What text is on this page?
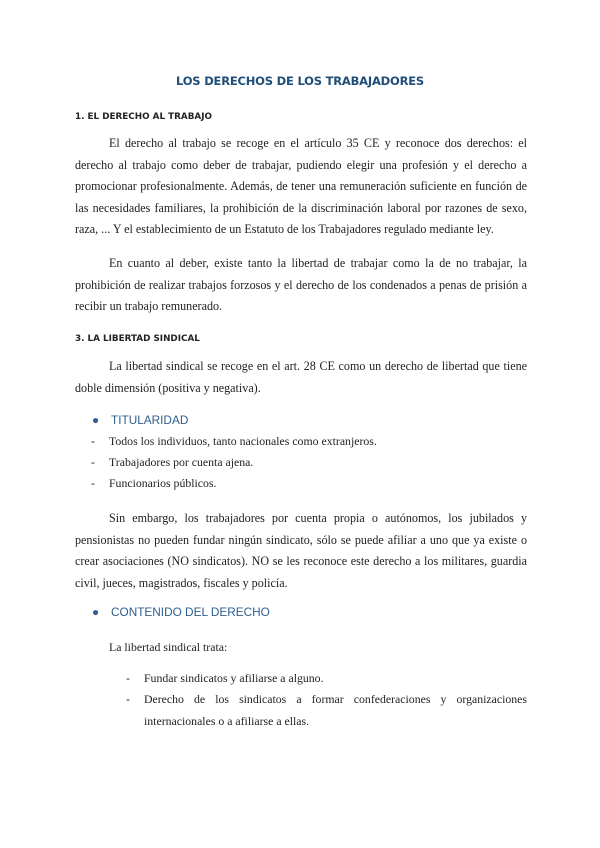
LOS DERECHOS DE LOS TRABAJADORES
1. EL DERECHO AL TRABAJO

El derecho al trabajo se recoge en el artículo 35 CE y reconoce dos derechos: el derecho al trabajo como deber de trabajar, pudiendo elegir una profesión y el derecho a promocionar profesionalmente. Además, de tener una remuneración suficiente en función de las necesidades familiares, la prohibición de la discriminación laboral por razones de sexo, raza, ... Y el establecimiento de un Estatuto de los Trabajadores regulado mediante ley.

En cuanto al deber, existe tanto la libertad de trabajar como la de no trabajar, la prohibición de realizar trabajos forzosos y el derecho de los condenados a penas de prisión a recibir un trabajo remunerado.

3. LA LIBERTAD SINDICAL

La libertad sindical se recoge en el art. 28 CE como un derecho de libertad que tiene doble dimensión (positiva y negativa).

● TITULARIDAD
- Todos los individuos, tanto nacionales como extranjeros.
- Trabajadores por cuenta ajena.
- Funcionarios públicos.

Sin embargo, los trabajadores por cuenta propia o autónomos, los jubilados y pensionistas no pueden fundar ningún sindicato, sólo se puede afiliar a uno que ya existe o crear asociaciones (NO sindicatos). NO se les reconoce este derecho a los militares, guardia civil, jueces, magistrados, fiscales y policía.

● CONTENIDO DEL DERECHO
La libertad sindical trata:
- Fundar sindicatos y afiliarse a alguno.
- Derecho de los sindicatos a formar confederaciones y organizaciones internacionales o a afiliarse a ellas.
